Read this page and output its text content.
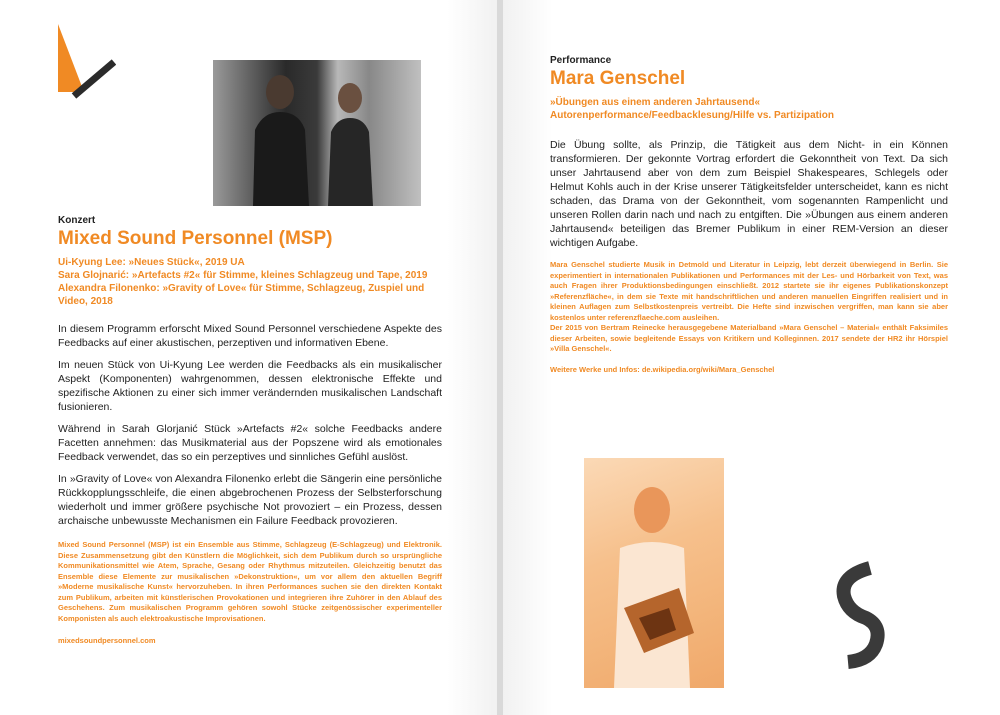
Konzert

Mixed Sound Personnel (MSP)

Ui-Kyung Lee: »Neues Stück«, 2019 UA

Sara Glojnarić: »Artefacts #2« für Stimme, kleines Schlagzeug und Tape, 2019

Alexandra Filonenko: »Gravity of Love« für Stimme, Schlagzeug, Zuspiel und Video, 2018

In diesem Programm erforscht Mixed Sound Personnel verschiedene Aspekte des Feedbacks auf einer akustischen, perzeptiven und informativen Ebene.

Im neuen Stück von Ui-Kyung Lee werden die Feedbacks als ein musikalischer Aspekt (Komponenten) wahrgenommen, dessen elektronische Effekte und spezifische Aktionen zu einer sich immer verändernden musikalischen Landschaft fusionieren.

Während in Sarah Glorjanić Stück »Artefacts #2« solche Feedbacks andere Facetten annehmen: das Musikmaterial aus der Popszene wird als emotionales Feedback verwendet, das so ein perzeptives und sinnliches Gefühl auslöst.

In »Gravity of Love« von Alexandra Filonenko erlebt die Sängerin eine persönliche Rückkopplungsschleife, die einen abgebrochenen Prozess der Selbsterforschung wiederholt und immer größere psychische Not provoziert – ein Prozess, dessen archaische unbewusste Mechanismen ein Failure Feedback provozieren.

Mixed Sound Personnel (MSP) ist ein Ensemble aus Stimme, Schlagzeug (E-Schlagzeug) und Elektronik. Diese Zusammensetzung gibt den Künstlern die Möglichkeit, sich dem Publikum durch so ursprüngliche Kommunikationsmittel wie Atem, Sprache, Gesang oder Rhythmus mitzuteilen. Gleichzeitig benutzt das Ensemble diese Elemente zur musikalischen »Dekonstruktion«, um vor allem den aktuellen Begriff »Moderne musikalische Kunst« hervorzuheben. In ihren Performances suchen sie den direkten Kontakt zum Publikum, arbeiten mit künstlerischen Provokationen und integrieren ihre Zuhörer in den Ablauf des Geschehens. Zum musikalischen Programm gehören sowohl Stücke zeitgenössischer experimenteller Komponisten als auch elektroakustische Improvisationen.

mixedsoundpersonnel.com

Performance

Mara Genschel

»Übungen aus einem anderen Jahrtausend«

Autorenperformance/Feedbacklesung/Hilfe vs. Partizipation

Die Übung sollte, als Prinzip, die Tätigkeit aus dem Nicht- in ein Können transformieren. Der gekonnte Vortrag erfordert die Gekonntheit von Text. Da sich unser Jahrtausend aber von dem zum Beispiel Shakespeares, Schlegels oder Helmut Kohls auch in der Krise unserer Tätigkeitsfelder unterscheidet, kann es nicht schaden, das Drama von der Gekonntheit, vom sogenannten Rampenlicht und unseren Rollen darin nach und nach zu entgiften. Die »Übungen aus einem anderen Jahrtausend« beteiligen das Bremer Publikum in einer REM-Version an dieser wichtigen Aufgabe.

Mara Genschel studierte Musik in Detmold und Literatur in Leipzig, lebt derzeit überwiegend in Berlin. Sie experimentiert in internationalen Publikationen und Performances mit der Les- und Hörbarkeit von Text, was auch Fragen ihrer Produktionsbedingungen einschließt. 2012 startete sie ihr eigenes Publikationskonzept »Referenzfläche«, in dem sie Texte mit handschriftlichen und anderen manuellen Eingriffen realisiert und in kleinen Auflagen zum Selbstkostenpreis vertreibt. Die Hefte sind inzwischen vergriffen, man kann sie aber kostenlos unter referenzflaeche.com ausleihen.

Der 2015 von Bertram Reinecke herausgegebene Materialband »Mara Genschel – Material« enthält Faksimiles dieser Arbeiten, sowie begleitende Essays von Kritikern und Kolleginnen. 2017 sendete der HR2 ihr Hörspiel »Villa Genschel«.

Weitere Werke und Infos: de.wikipedia.org/wiki/Mara_Genschel
